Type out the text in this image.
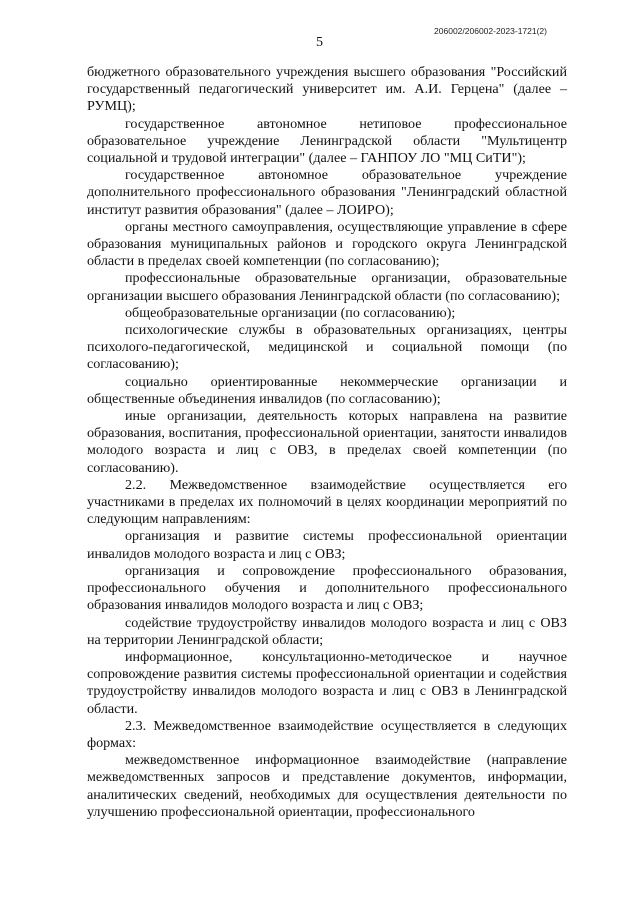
206002/206002-2023-1721(2)
5

бюджетного образовательного учреждения высшего образования "Российский государственный педагогический университет им. А.И. Герцена" (далее – РУМЦ);

государственное автономное нетиповое профессиональное образовательное учреждение Ленинградской области "Мультицентр социальной и трудовой интеграции" (далее – ГАНПОУ ЛО "МЦ СиТИ");

государственное автономное образовательное учреждение дополнительного профессионального образования "Ленинградский областной институт развития образования" (далее – ЛОИРО);

органы местного самоуправления, осуществляющие управление в сфере образования муниципальных районов и городского округа Ленинградской области в пределах своей компетенции (по согласованию);

профессиональные образовательные организации, образовательные организации высшего образования Ленинградской области (по согласованию);

общеобразовательные организации (по согласованию);

психологические службы в образовательных организациях, центры психолого-педагогической, медицинской и социальной помощи (по согласованию);

социально ориентированные некоммерческие организации и общественные объединения инвалидов (по согласованию);

иные организации, деятельность которых направлена на развитие образования, воспитания, профессиональной ориентации, занятости инвалидов молодого возраста и лиц с ОВЗ, в пределах своей компетенции (по согласованию).

2.2. Межведомственное взаимодействие осуществляется его участниками в пределах их полномочий в целях координации мероприятий по следующим направлениям:

организация и развитие системы профессиональной ориентации инвалидов молодого возраста и лиц с ОВЗ;

организация и сопровождение профессионального образования, профессионального обучения и дополнительного профессионального образования инвалидов молодого возраста и лиц с ОВЗ;

содействие трудоустройству инвалидов молодого возраста и лиц с ОВЗ на территории Ленинградской области;

информационное, консультационно-методическое и научное сопровождение развития системы профессиональной ориентации и содействия трудоустройству инвалидов молодого возраста и лиц с ОВЗ в Ленинградской области.

2.3. Межведомственное взаимодействие осуществляется в следующих формах:

межведомственное информационное взаимодействие (направление межведомственных запросов и представление документов, информации, аналитических сведений, необходимых для осуществления деятельности по улучшению профессиональной ориентации, профессионального
